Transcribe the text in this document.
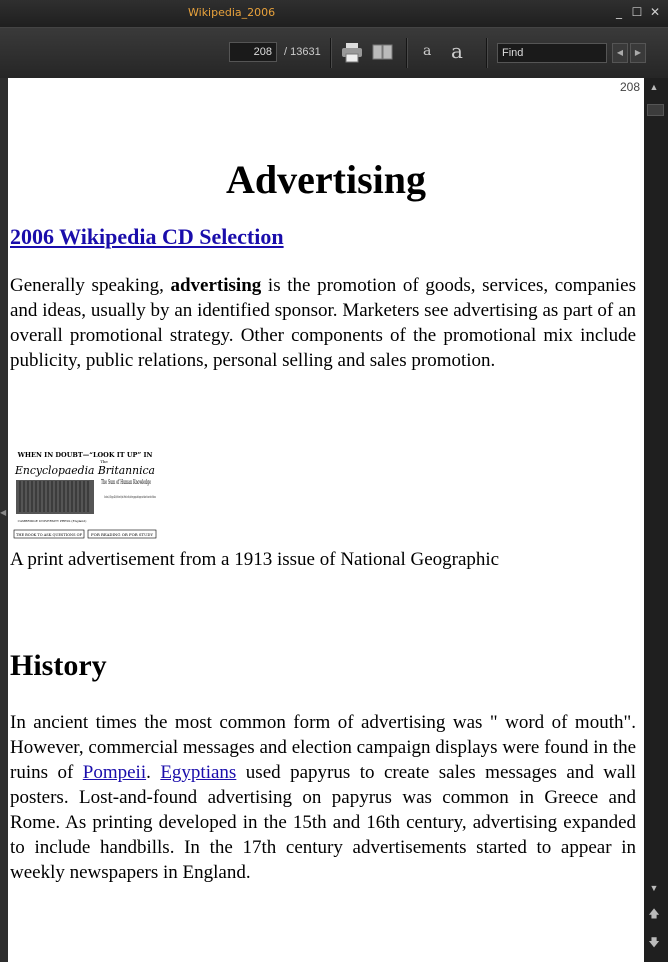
Wikipedia_2006	_ ☐ ✕
208	/ 13631	a a	Find	◀	▶
◀
208
Advertising
2006 Wikipedia CD Selection
Generally speaking, advertising is the promotion of goods, services, companies and ideas, usually by an identified sponsor. Marketers see advertising as part of an overall promotional strategy. Other components of the promotional mix include publicity, public relations, personal selling and sales promotion.
WHEN IN DOUBT—“LOOK IT UP” IN
The
Encyclopaedia Britannica
The Sum of Human Knowledge
29 volumes, 28,150 pages, 44,000,000 words of text. Printed on thin, but strong opaque India paper, each volume but one inch in thickness.
CAMBRIDGE UNIVERSITY PRESS (England)
THE BOOK TO ASK QUESTIONS OF FOR READING OR FOR STUDY
A print advertisement from a 1913 issue of National Geographic
History
In ancient times the most common form of advertising was " word of mouth". However, commercial messages and election campaign displays were found in the ruins of Pompeii. Egyptians used papyrus to create sales messages and wall posters. Lost-and-found advertising on papyrus was common in Greece and Rome. As printing developed in the 15th and 16th century, advertising expanded to include handbills. In the 17th century advertisements started to appear in weekly newspapers in England.
▲
▼
🡅
🡇
